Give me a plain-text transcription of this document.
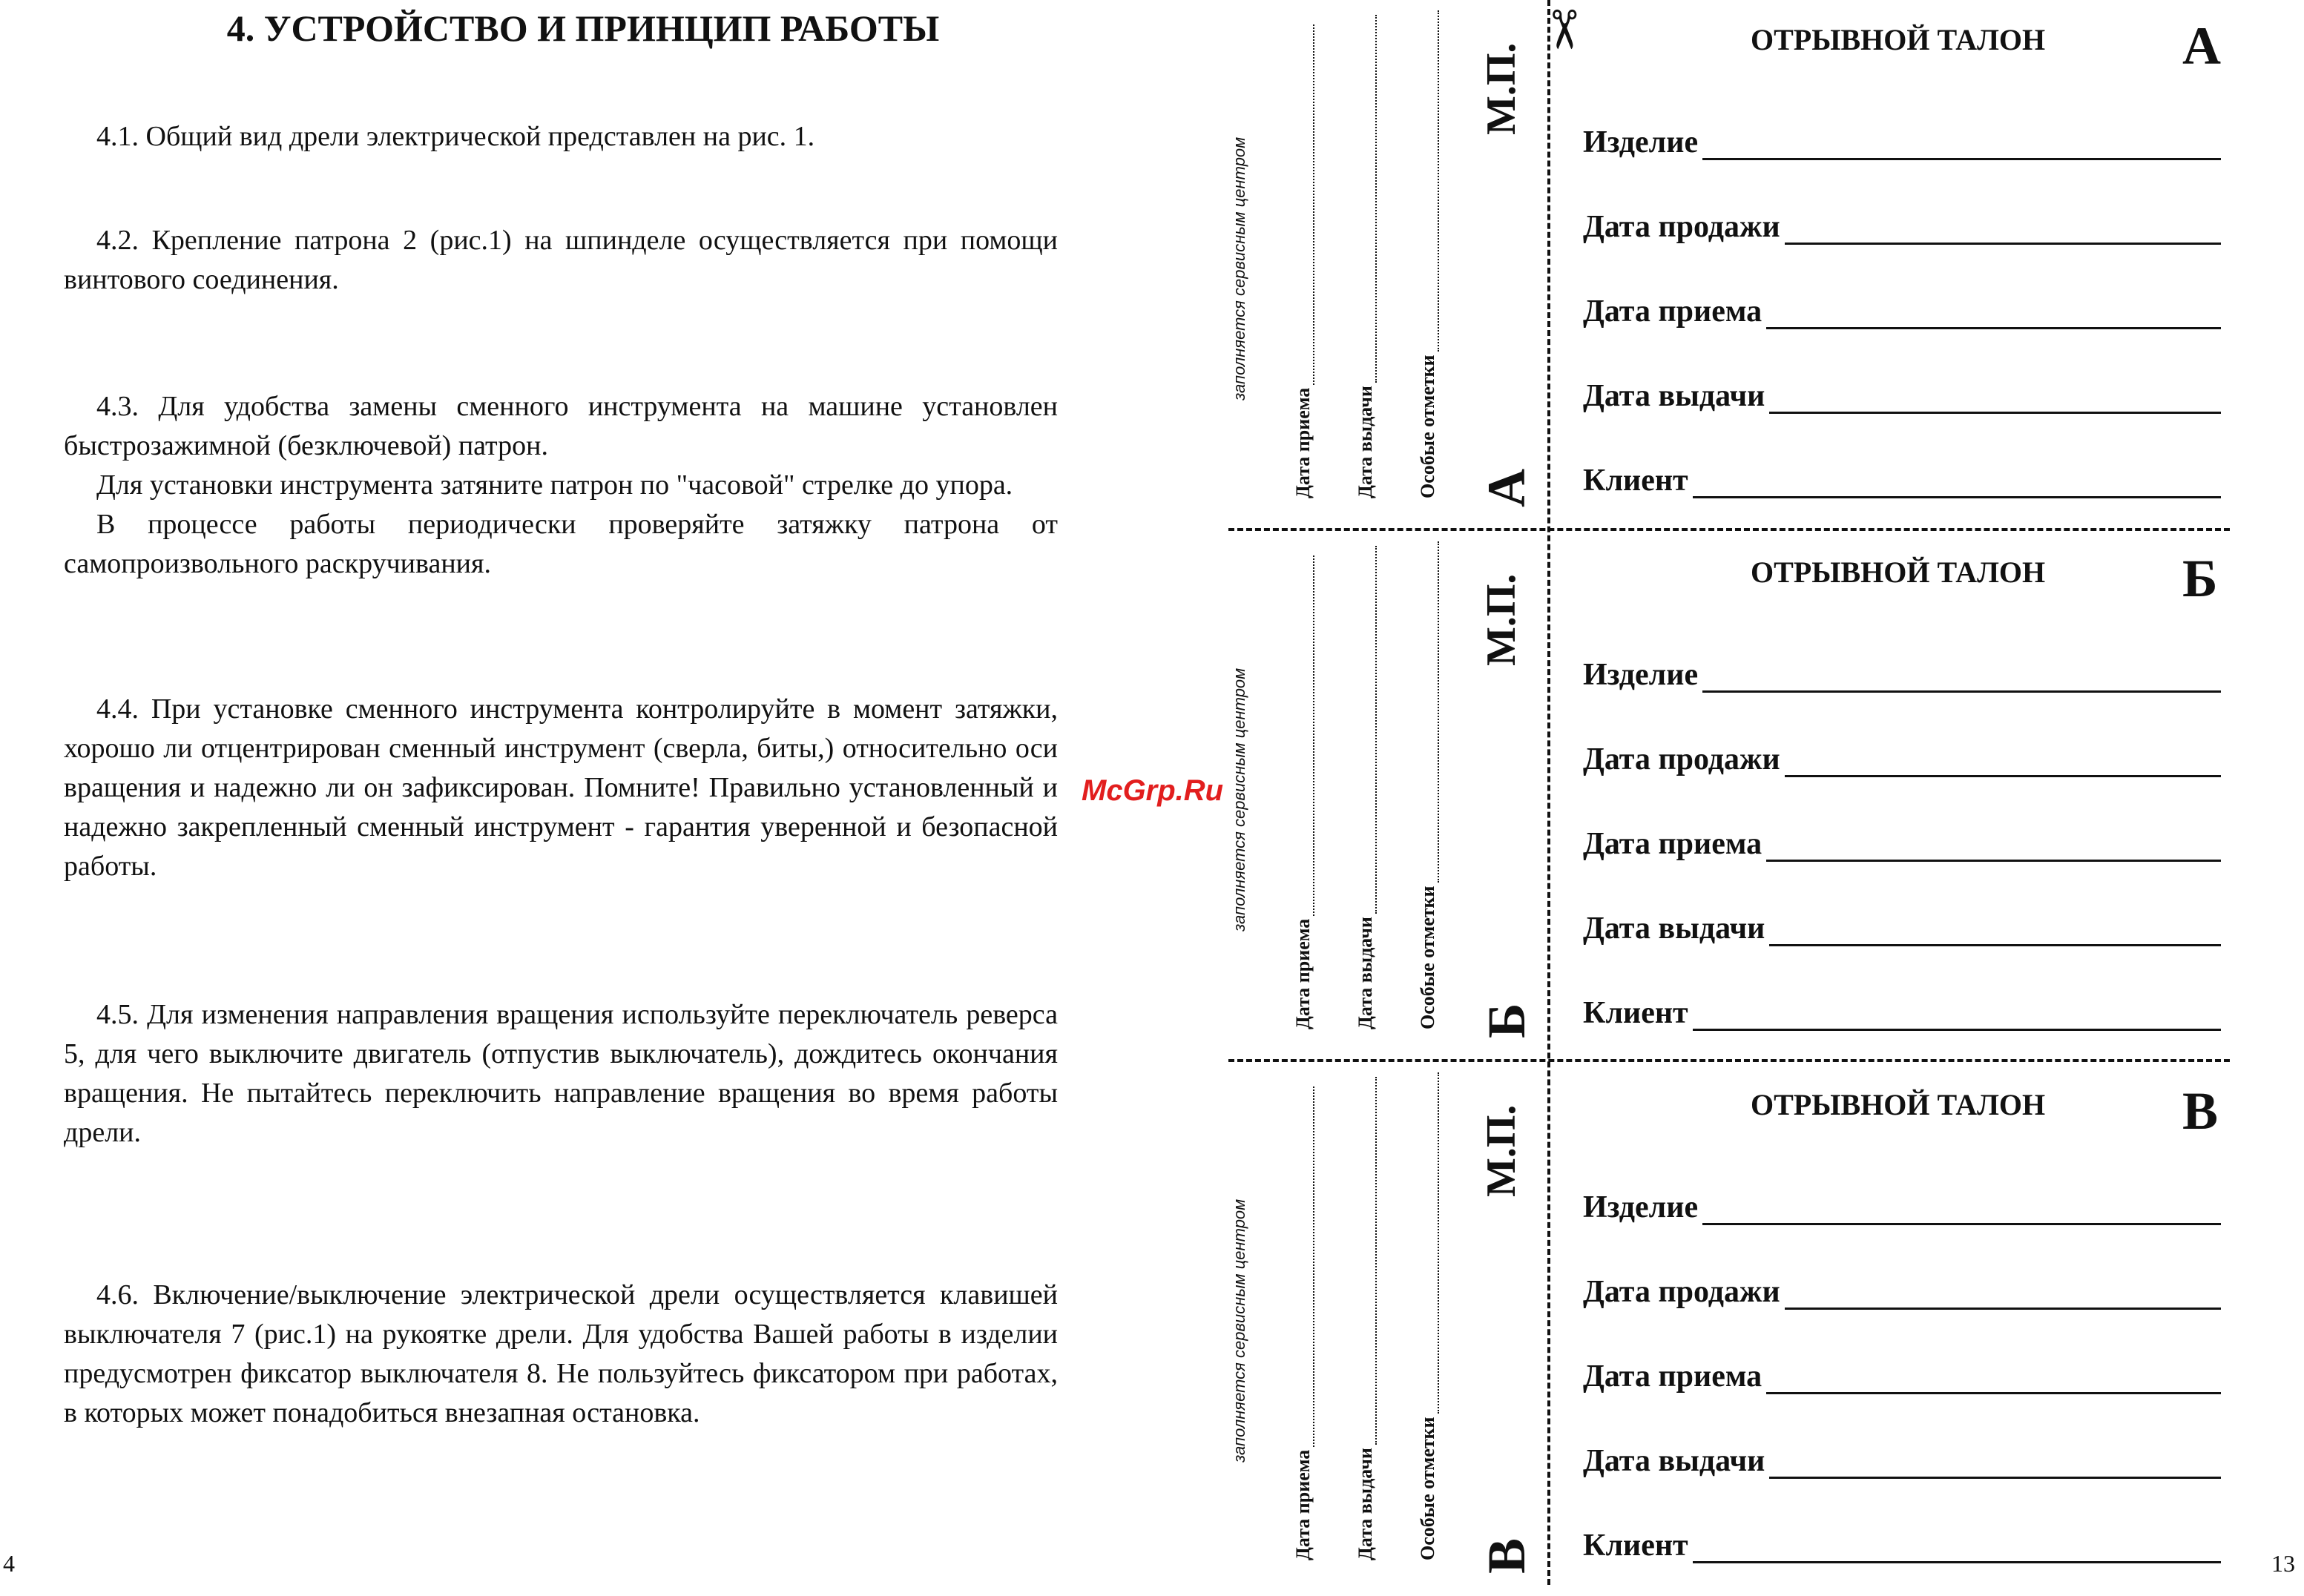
4. УСТРОЙСТВО И ПРИНЦИП РАБОТЫ
4.1. Общий вид дрели электрической представлен на рис. 1.
4.2. Крепление патрона 2 (рис.1) на шпинделе осуществляется при помощи винтового соединения.

4.3. Для удобства замены сменного инструмента на машине установлен быстрозажимной (безключевой) патрон.

Для установки инструмента затяните патрон по "часовой" стрелке до упора.

В процессе работы периодически проверяйте затяжку патрона от самопроизвольного раскручивания.

4.4. При установке сменного инструмента контролируйте в момент затяжки, хорошо ли отцентрирован сменный инструмент (сверла, биты,) относительно оси вращения и надежно ли он зафиксирован. Помните! Правильно установленный и надежно закрепленный сменный инструмент - гарантия уверенной и безопасной работы.
4.5. Для изменения направления вращения используйте переключатель реверса 5, для чего выключите двигатель (отпустив выключатель), дождитесь окончания вращения. Не пытайтесь переключить направление вращения во время работы дрели.
4.6. Включение/выключение электрической дрели осуществляется клавишей выключателя 7 (рис.1) на рукоятке дрели. Для удобства Вашей работы в изделии предусмотрен фиксатор выключателя 8. Не пользуйтесь фиксатором при работах, в которых может понадобиться внезапная остановка.
4
McGrp.Ru
✂
заполняется сервисным центром
Дата приема Дата выдачи Особые отметки
М.П.
А
заполняется сервисным центром
Дата приема Дата выдачи Особые отметки
М.П.
Б
заполняется сервисным центром
Дата приема Дата выдачи Особые отметки
М.П.
В
ОТРЫВНОЙ ТАЛОН	А
Изделие
Дата продажи
Дата приема
Дата выдачи
Клиент
ОТРЫВНОЙ ТАЛОН	Б
Изделие
Дата продажи
Дата приема
Дата выдачи
Клиент
ОТРЫВНОЙ ТАЛОН	В
Изделие
Дата продажи
Дата приема
Дата выдачи
Клиент
13
